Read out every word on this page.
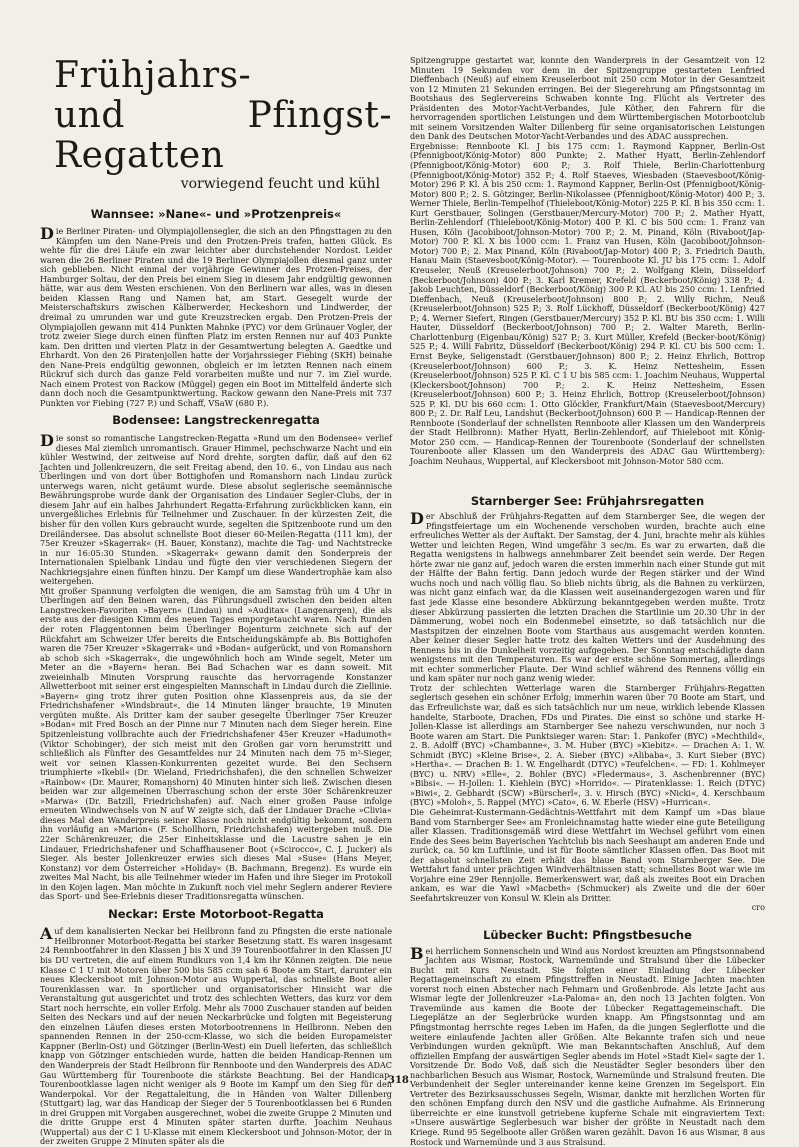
Frühjahrs-
und Pfingst-Regatten
vorwiegend feucht und kühl
Wannsee: »Nane«- und »Protzenpreis«

Die Berliner Piraten- und Olympiajollensegler, die sich an den Pfingsttagen zu den Kämpfen um den Nane-Preis und den Protzen-Preis trafen, hatten Glück. Es wehte für die drei Läufe ein zwar leichter aber durchstehender Nordost. Leider waren die 26 Berliner Piraten und die 19 Berliner Olympiajollen diesmal ganz unter sich geblieben. Nicht einmal der vorjährige Gewinner des Protzen-Preises, der Hamburger Soltau, der den Preis bei einem Sieg in diesem Jahr endgültig gewonnen hätte, war aus dem Westen erschienen. Von den Berlinern war alles, was in diesen beiden Klassen Rang und Namen hat, am Start. Gesegelt wurde der Meisterschaftskurs zwischen Kälberwerder, Heckeshorn und Lindwerder, der dreimal zu umrunden war und gute Kreuzstrecken ergab. Den Protzen-Preis der Olympiajollen gewann mit 414 Punkten Mahnke (PYC) vor dem Grünauer Vogler, der trotz zweier Siege durch einen fünften Platz im ersten Rennen nur auf 403 Punkte kam. Den dritten und vierten Platz in der Gesamtwertung belegten A. Gaedtke und Ehrhardt. Von den 26 Piratenjollen hatte der Vorjahrssieger Fiebing (SKH) beinahe den Nane-Preis endgültig gewonnen, obgleich er im letzten Rennen nach einem Rückruf sich durch das ganze Feld vorarbeiten mußte und nur 7. im Ziel wurde. Nach einem Protest von Rackow (Müggel) gegen ein Boot im Mittelfeld änderte sich dann doch noch die Gesamtpunktwertung. Rackow gewann den Nane-Preis mit 737 Punkten vor Fiebing (727 P.) und Schaff, VSaW (680 P.).

Bodensee: Langstreckenregatta

Die sonst so romantische Langstrecken-Regatta »Rund um den Bodensee« verlief dieses Mal ziemlich unromantisch. Grauer Himmel, pechschwarze Nacht und ein kühler Westwind, der zeitweise auf Nord drehte, sorgten dafür, daß auf den 62 Jachten und Jollenkreuzern, die seit Freitag abend, den 10. 6., von Lindau aus nach Überlingen und von dort über Bottighofen und Romanshorn nach Lindau zurück unterwegs waren, nicht getäumt wurde. Diese absolut seglerische seemännische Bewährungsprobe wurde dank der Organisation des Lindauer Segler-Clubs, der in diesem Jahr auf ein halbes Jahrhundert Regatta-Erfahrung zurückblicken kann, ein unvergeßliches Erlebnis für Teilnehmer und Zuschauer. In der kürzesten Zeit, die bisher für den vollen Kurs gebraucht wurde, segelten die Spitzenboote rund um den Dreiländersee. Das absolut schnellste Boot dieser 60-Meilen-Regatta (111 km), der 75er Kreuzer »Skagerrak« (H. Bauer, Konstanz), machte die Tag- und Nachtstrecke in nur 16:05:30 Stunden. »Skagerrak« gewann damit den Sonderpreis der Internationalen Spielbank Lindau und fügte den vier verschiedenen Siegern der Nachkriegsjahre einen fünften hinzu. Der Kampf um diese Wandertrophäe kam also weitergehen.

Mit großer Spannung verfolgten die wenigen, die am Samstag früh um 4 Uhr in Überlingen auf den Beinen waren, das Führungsduell zwischen den beiden alten Langstrecken-Favoriten »Bayern« (Lindau) und »Auditax« (Langenargen), die als erste aus der diesigen Kimm des neuen Tages emporgetaucht waren. Nach Runden der roten Flaggentonnen beim Überlinger Bojenturm zeichnete sich auf der Rückfahrt am Schweizer Ufer bereits die Entscheidungskämpfe ab. Bis Bottighofen waren die 75er Kreuzer »Skagerrak« und »Bodan« aufgerückt, und von Romanshorn ab schob sich »Skagerrak«, die ungewöhnlich hoch am Winde segelt, Meter um Meter an die »Bayern« heran. Bei Bad Schachen war es dann soweit. Mit zweieinhalb Minuten Vorsprung rauschte das hervorragende Konstanzer Allwetterboot mit seiner erst eingespielten Mannschaft in Lindau durch die Ziellinie. »Bayern« ging trotz ihrer guten Position ohne Klassenpreis aus, da sie der Friedrichshafener »Windsbraut«, die 14 Minuten länger brauchte, 19 Minuten vergüten mußte. Als Dritter kam der sauber gesegelte Überlinger 75er Kreuzer »Bodan« mit Fred Bosch an der Pinne nur 7 Minuten nach dem Sieger herein. Eine Spitzenleistung vollbrachte auch der Friedrichshafener 45er Kreuzer »Hadumoth« (Viktor Schobinger), der sich meist mit den Großen gar vorn herumstritt und schließlich als Fünfter des Gesamtfeldes nur 24 Minuten nach dem 75 m²-Sieger, weit vor seinen Klassen-Konkurrenten gezeitet wurde. Bei den Sechsern triumphierte »Ikebil« (Dr. Wieland, Friedrichshafen), die den schnellen Schweizer »Rainbow« (Dr. Maurer, Romanshorn) 40 Minuten hinter sich ließ. Zwischen diesen beiden war zur allgemeinen Überraschung schon der erste 30er Schärenkreuzer »Marwa« (Dr. Batzill, Friedrichshafen) auf. Nach einer großen Pause infolge erneuten Windwechsels von N auf W zeigte sich, daß der Lindauer Drache »Clivia« dieses Mal den Wanderpreis seiner Klasse noch nicht endgültig bekommt, sondern ihn vorläufig an »Marion« (F. Schollhorn, Friedrichshafen) weitergeben muß. Die 22er Schärenkreuzer, die 25er Einheitsklasse und die Lacustre sahen je ein Lindauer, Friedrichshafener und Schaffhausener Boot (»Scirocco«, C. J. Jucker) als Sieger. Als bester Jollenkreuzer erwies sich dieses Mal »Suse« (Hans Meyer, Konstanz) vor dem Österreicher »Holiday« (B. Bachmann, Bregenz). Es wurde ein zweites Mal Nacht, bis alle Teilnehmer wieder im Hafen und ihre Sieger im Protokoll in den Kojen lagen. Man möchte in Zukunft noch viel mehr Seglern anderer Reviere das Sport- und See-Erlebnis dieser Traditionsregatta wünschen.

Neckar: Erste Motorboot-Regatta

Auf dem kanalisierten Neckar bei Heilbronn fand zu Pfingsten die erste nationale Heilbronner Motorboot-Regatta bei starker Besetzung statt. Es waren insgesamt 24 Rennbootfahrer in den Klassen J bis X und 39 Tourenbootfahrer in den Klassen JU bis DU vertreten, die auf einem Rundkurs von 1,4 km ihr Können zeigten. Die neue Klasse C 1 U mit Motoren über 500 bis 585 ccm sah 6 Boote am Start, darunter ein neues Kleckersboot mit Johnson-Motor aus Wuppertal, das schnellste Boot aller Tourenklassen war. In sportlicher und organisatorischer Hinsicht war die Veranstaltung gut ausgerichtet und trotz des schlechten Wetters, das kurz vor dem Start noch herrschte, ein voller Erfolg. Mehr als 7000 Zuschauer standen auf beiden Seiten des Neckars und auf der neuen Neckarbrücke und folgten mit Begeisterung den einzelnen Läufen dieses ersten Motorbootrennens in Heilbronn. Neben den spannenden Rennen in der 250-ccm-Klasse, wo sich die beiden Europameister Kappner (Berlin-Ost) und Götzinger (Berlin-West) ein Duell lieferten, das schließlich knapp von Götzinger entschieden wurde, hatten die beiden Handicap-Rennen um den Wanderpreis der Stadt Heilbronn für Rennboote und den Wanderpreis des ADAC Gau Württemberg für Tourenboote die stärkste Beachtung. Bei der Handicap-Tourenbootklasse lagen nicht weniger als 9 Boote im Kampf um den Sieg für den Wanderpokal. Vor der Regattaleitung, die in Händen von Walter Dillenberg (Stuttgart) lag, war das Handicap der Sieger der 5 Tourenbootklassen bei 6 Runden in drei Gruppen mit Vorgaben ausgerechnet, wobei die zweite Gruppe 2 Minuten und die dritte Gruppe erst 4 Minuten später starten durfte. Joachim Neuhaus (Wuppertal) aus der C 1 U-Klasse mit einem Kleckersboot und Johnson-Motor, der in der zweiten Gruppe 2 Minuten später als die

Spitzengruppe gestartet war, konnte den Wanderpreis in der Gesamtzeit von 12 Minuten 19 Sekunden vor dem in der Spitzengruppe gestarteten Lenfried Dieffenbach (Neuß) auf einem Kreuselerboot mit 250 ccm Motor in der Gesamtzeit von 12 Minuten 21 Sekunden erringen. Bei der Siegerehrung am Pfingstsonntag im Bootshaus des Seglervereins Schwaben konnte Ing. Flücht als Vertreter des Präsidenten des Motor-Yacht-Verbandes, Jule Köther, den Fahrern für die hervorragenden sportlichen Leistungen und dem Württembergischen Motorbootclub mit seinem Vorsitzenden Walter Dillenberg für seine organisatorischen Leistungen den Dank des Deutschen Motor-Yacht-Verbandes und des ADAC aussprechen.

Ergebnisse: Rennboote Kl. J bis 175 ccm: 1. Raymond Kappner, Berlin-Ost (Pfennigboot/König-Motor) 800 Punkte; 2. Mather Hyatt, Berlin-Zehlendorf (Pfennigboot/König-Motor) 600 P.; 3. Rolf Thiele, Berlin-Charlottenburg (Pfennigboot/König-Motor) 352 P.; 4. Rolf Staeves, Wiesbaden (Staevesboot/König-Motor) 296 P. Kl. A bis 250 ccm: 1. Raymond Kappner, Berlin-Ost (Pfennigboot/König-Motor) 800 P.; 2. S. Götzinger, Berlin-Nikolassee (Pfennigboot/König-Motor) 400 P.; 3. Werner Thiele, Berlin-Tempelhof (Thieleboot/König-Motor) 225 P. Kl. B bis 350 ccm: 1. Kurt Gerstbauer, Solingen (Gerstbauer/Mercury-Motor) 700 P.; 2. Mather Hyatt, Berlin-Zehlendorf (Thieleboot/König-Motor) 400 P. Kl. C bis 500 ccm: 1. Franz van Husen, Köln (Jacobiboot/Johnson-Motor) 700 P.; 2. M. Pinand, Köln (Rivaboot/Jap-Motor) 700 P. Kl. X bis 1000 ccm: 1. Franz van Husen, Köln (Jacobiboot/Johnson-Motor) 700 P.; 2. Max Pinand, Köln (Rivaboot/Jap-Motor) 400 P.; 3. Friedrich Dauth, Hanau Main (Staevesboot/König-Motor). — Tourenboote Kl. JU bis 175 ccm: 1. Adolf Kreuseler, Neuß (Kreuselerboot/Johnson) 700 P.; 2. Wolfgang Klein, Düsseldorf (Beckerboot/Johnson) 400 P.; 3. Karl Kremer, Krefeld (Beckerboot/König) 338 P.; 4. Jakob Leuchten, Düsseldorf (Beckerboot/König) 300 P. Kl. AU bis 250 ccm: 1. Lenfried Dieffenbach, Neuß (Kreuselerboot/Johnson) 800 P.; 2. Willy Richm, Neuß (Kreuselerboot/Johnson) 525 P.; 3. Rolf Lückhoff, Düsseldorf (Beckerboot/König) 427 P.; 4. Werner Siefert, Ringen (Gerstbauer/Mercury) 352 P. Kl. BU bis 350 ccm: 1. Willi Hauter, Düsseldorf (Beckerboot/Johnson) 700 P.; 2. Walter Mareth, Berlin-Charlottenburg (Eigenbau/König) 527 P.; 3. Kurt Müller, Krefeld (Becker-boot/König) 525 P.; 4. Willi Fabritz, Düsseldorf (Beckerboot/König) 294 P. Kl. CU bis 500 ccm: 1. Ernst Beyke, Seligenstadt (Gerstbauer/Johnson) 800 P.; 2. Heinz Ehrlich, Bottrop (Kreuselerboot/Johnson) 600 P.; 3. K. Heinz Nettesheim, Essen (Kreuselerboot/Johnson) 525 P. Kl. C 1 U bis 585 ccm: 1. Joachim Neuhaus, Wuppertal (Kleckersboot/Johnson) 700 P.; 2. K. Heinz Nettesheim, Essen (Kreuselerboot/Johnson) 600 P.; 3. Heinz Ehrlich, Bottrop (Kreuselerboot/Johnson) 525 P. Kl. DU bis 660 ccm: 1. Otto Glöckler, Frankfurt/Main (Staevesboot/Mercury) 800 P.; 2. Dr. Ralf Leu, Landshut (Beckerboot/Johnson) 600 P. — Handicap-Rennen der Rennboote (Sonderlauf der schnellsten Rennboote aller Klassen um den Wanderpreis der Stadt Heilbronn): Mather Hyatt, Berlin-Zehlendorf, auf Thieleboot mit König-Motor 250 ccm. — Handicap-Rennen der Tourenboote (Sonderlauf der schnellsten Tourenboote aller Klassen um den Wanderpreis des ADAC Gau Württemberg): Joachim Neuhaus, Wuppertal, auf Kleckersboot mit Johnson-Motor 580 ccm.

Starnberger See: Frühjahrsregatten

Der Abschluß der Frühjahrs-Regatten auf dem Starnberger See, die wegen der Pfingstfeiertage um ein Wochenende verschoben wurden, brachte auch eine erfreuliches Wetter als der Auftakt. Der Samstag, der 4. Juni, brachte mehr als kühles Wetter und leichten Regen, Wind umgefähr 3 sec/m. Es war zu erwarten, daß die Regatta wenigstens in halbwegs annehmbarer Zeit beendet sein werde. Der Regen hörte zwar nie ganz auf, jedoch waren die ersten immerhin nach einer Stunde gut mit der Hälfte der Bahn fertig. Dann jedoch wurde der Regen stärker und der Wind wuchs noch und nach völlig flau. So blieb nichts übrig, als die Bahnen zu verkürzen, was nicht ganz einfach war, da die Klassen weit auseinandergezogen waren und für fast jede Klasse eine besondere Abkürzung bekanntgegeben werden mußte. Trotz dieser Abkürzung passierten die letzten Drachen die Startlinie um 20.30 Uhr in der Dämmerung, wobei noch ein Bodenmebel einsetzte, so daß tatsächlich nur die Mastspitzen der einzelnen Boote vom Starthaus aus ausgemacht werden konnten. Aber keiner dieser Segler hatte trotz des kalten Wetters und der Ausdehnung des Rennens bis in die Dunkelheit vorzeitig aufgegeben. Der Sonntag entschädigte dann wenigstens mit den Temperaturen. Es war der erste schöne Sommertag, allerdings mit echter sommerlicher Flaute. Der Wind schlief während des Rennens völlig ein und kam später nur noch ganz wenig wieder.

Trotz der schlechten Wetterlage waren die Starnberger Frühjahrs-Regatten seglerisch gesehen ein schöner Erfolg; immerhin waren über 70 Boote am Start, und das Erfreulichste war, daß es sich tatsächlich nur um neue, wirklich lebende Klassen handelte, Starboote, Drachen, FDs und Pirates. Die einst so schöne und starke H-Jollen-Klasse ist allerdings am Starnberger See nahezu verschwunden, nur noch 3 Boote waren am Start. Die Punktsieger waren: Star: 1. Pankofer (BYC) »Mechthild«, 2. B. Adolff (BYC) »Chambanne«, 3. M. Huber (BYC) »Kiebitz«. — Drachen A: 1. W. Schmidt (BYC) »Kleine Brise«, 2. A. Sieber (BYC) »Alibaba«, 3. Kurt Sieber (BYC) »Hertha«. — Drachen B: 1. W. Engelhardt (DTYC) »Teufelchen«. — FD: 1. Kohlmeyer (BYC) u. NRV) »Elle«, 2. Bohler (BYC) »Fledermaus«, 3. Aschenbrenner (BYC) »Bibsi«. — H-Jollen: 1. Kiehlein (BYC) »Horrido«. — Piratenklasse: 1. Reich (DTYC) »Biwi«, 2. Gebhardt (SCW) »Bürscherl«, 3. v. Hirsch (BYC) »Nicki«, 4. Kerschbaum (BYC) »Moloh«, 5. Rappel (MYC) »Cato«, 6. W. Eberle (HSV) »Hurrican«.

Die Geheimrat-Kustermann-Gedächtnis-Wettfahrt mit dem Kampf um »Das blaue Band vom Starnberger See« am Fronleichnamstag hatte wieder eine gute Beteiligung aller Klassen. Traditionsgemäß wird diese Wettfahrt im Wechsel geführt vom einen Ende des Sees beim Bayerischen Yachtclub bis nach Seeshaupt am anderen Ende und zurück, ca. 50 km Luftlinie, und ist für Boote sämtlicher Klassen offen. Das Boot mit der absolut schnellsten Zeit erhält das blaue Band vom Starnberger See. Die Wettfahrt fand unter prächtigen Windverhältnissen statt; schnellstes Boot war wie im Vorjahre eine 29er Rennjolle. Bemerkenswert war, daß als zweites Boot ein Drachen ankam, es war die Yawl »Macbeth« (Schmucker) als Zweite und die der 60er Seefahrtskreuzer von Konsul W. Klein als Dritter.

cro

Lübecker Bucht: Pfingstbesuche

Bei herrlichem Sonnenschein und Wind aus Nordost kreuzten am Pfingstsonnabend Jachten aus Wismar, Rostock, Warnemünde und Stralsund über die Lübecker Bucht mit Kurs Neustadt. Sie folgten einer Einladung der Lübecker Regattagemeinschaft zu einem Pfingsttreffen in Neustadt. Einige Jachten machten vorerst noch einen Abstecher nach Fehmarn und Großenbrode. Als letzte Jacht aus Wismar legte der Jollenkreuzer »La-Paloma« an, den noch 13 Jachten folgten. Von Travemünde aus kamen die Boote der Lübecker Regattagemeinschaft. Die Liegeplätze an der Seglerbrücke wurden knapp. Am Pfingstsonntag und am Pfingstmontag herrschte reges Leben im Hafen, da die jungen Seglerflotte und die weitere einlaufende Jachten aller Größen. Alte Bekannte trafen sich und neue Verbindungen wurden geknüpft. Wie man Bekanntschaften Anschluß, Auf dem offiziellen Empfang der auswärtigen Segler abends im Hotel »Stadt Kiel« sagte der 1. Vorsitzende Dr. Bodo Voß, daß sich die Neustädter Segler besonders über den nachbarlichen Besuch aus Wismar, Rostock, Warnemünde und Stralsund freuten. Die Verbundenheit der Segler untereinander kenne keine Grenzen im Segelsport. Ein Vertreter des Bezirksausschusses Segeln, Wismar, dankte mit herzlichen Worten für den schönen Empfang durch den NSV und die gastliche Aufnahme. Als Erinnerung überreichte er eine kunstvoll getriebene kupferne Schale mit eingraviertem Text: »Unsere auswärtige Seglerbesuch war bisher der größte in Neustadt nach dem Kriege. Rund 95 Segelboote aller Größen waren gezählt. Davon 16 aus Wismar, 8 aus Rostock und Warnemünde und 3 aus Stralsund.

318
